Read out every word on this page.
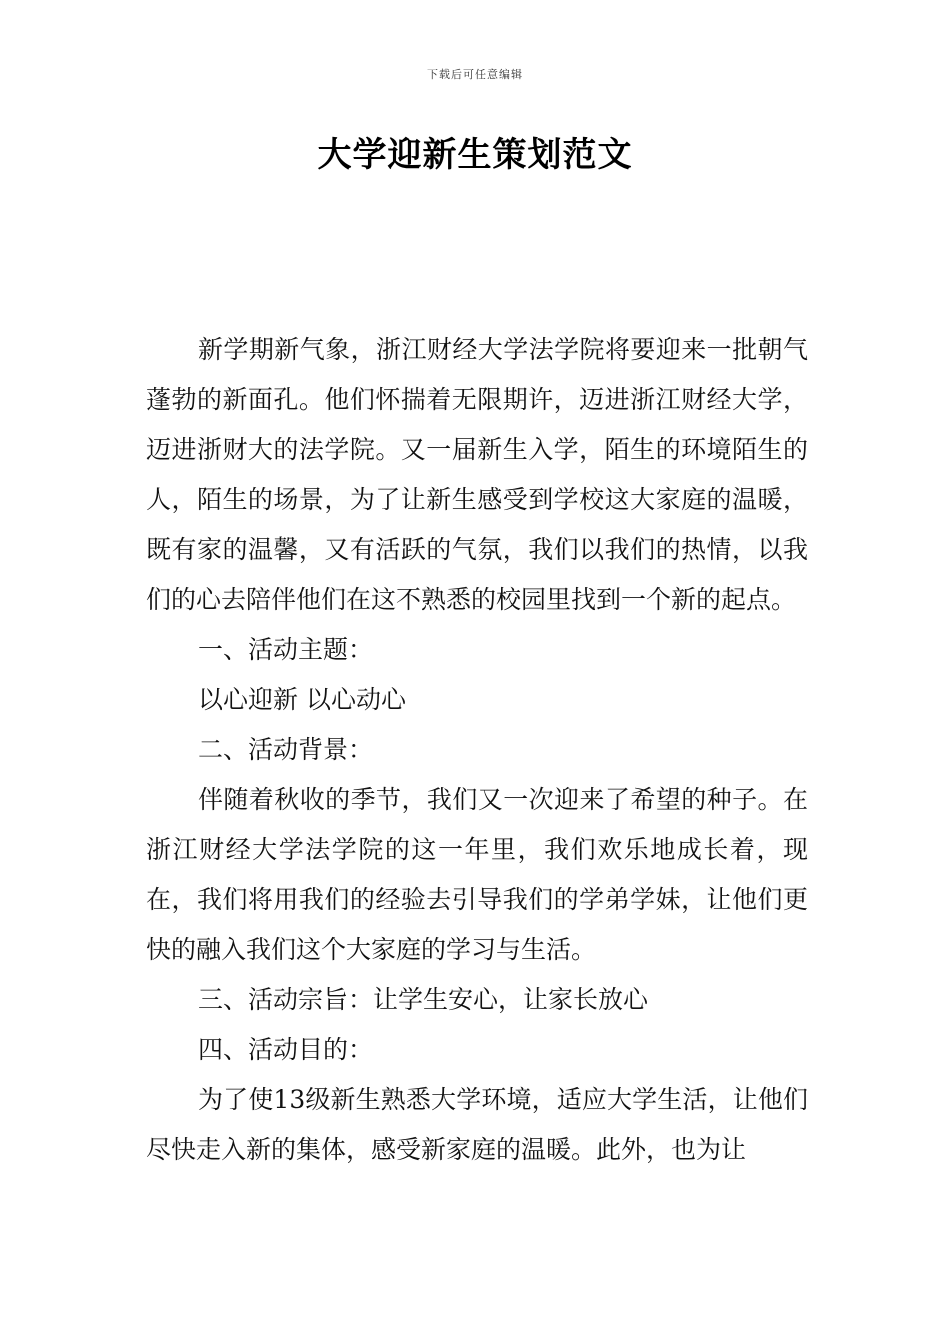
下载后可任意编辑
大学迎新生策划范文

新学期新气象，浙江财经大学法学院将要迎来一批朝气蓬勃的新面孔。他们怀揣着无限期许，迈进浙江财经大学，迈进浙财大的法学院。又一届新生入学，陌生的环境陌生的人，陌生的场景，为了让新生感受到学校这大家庭的温暖，既有家的温馨，又有活跃的气氛，我们以我们的热情，以我们的心去陪伴他们在这不熟悉的校园里找到一个新的起点。

一、活动主题：

以心迎新 以心动心

二、活动背景：

伴随着秋收的季节，我们又一次迎来了希望的种子。在浙江财经大学法学院的这一年里，我们欢乐地成长着，现在，我们将用我们的经验去引导我们的学弟学妹，让他们更快的融入我们这个大家庭的学习与生活。

三、活动宗旨：让学生安心，让家长放心

四、活动目的：

为了使13级新生熟悉大学环境，适应大学生活，让他们尽快走入新的集体，感受新家庭的温暖。此外，也为让
